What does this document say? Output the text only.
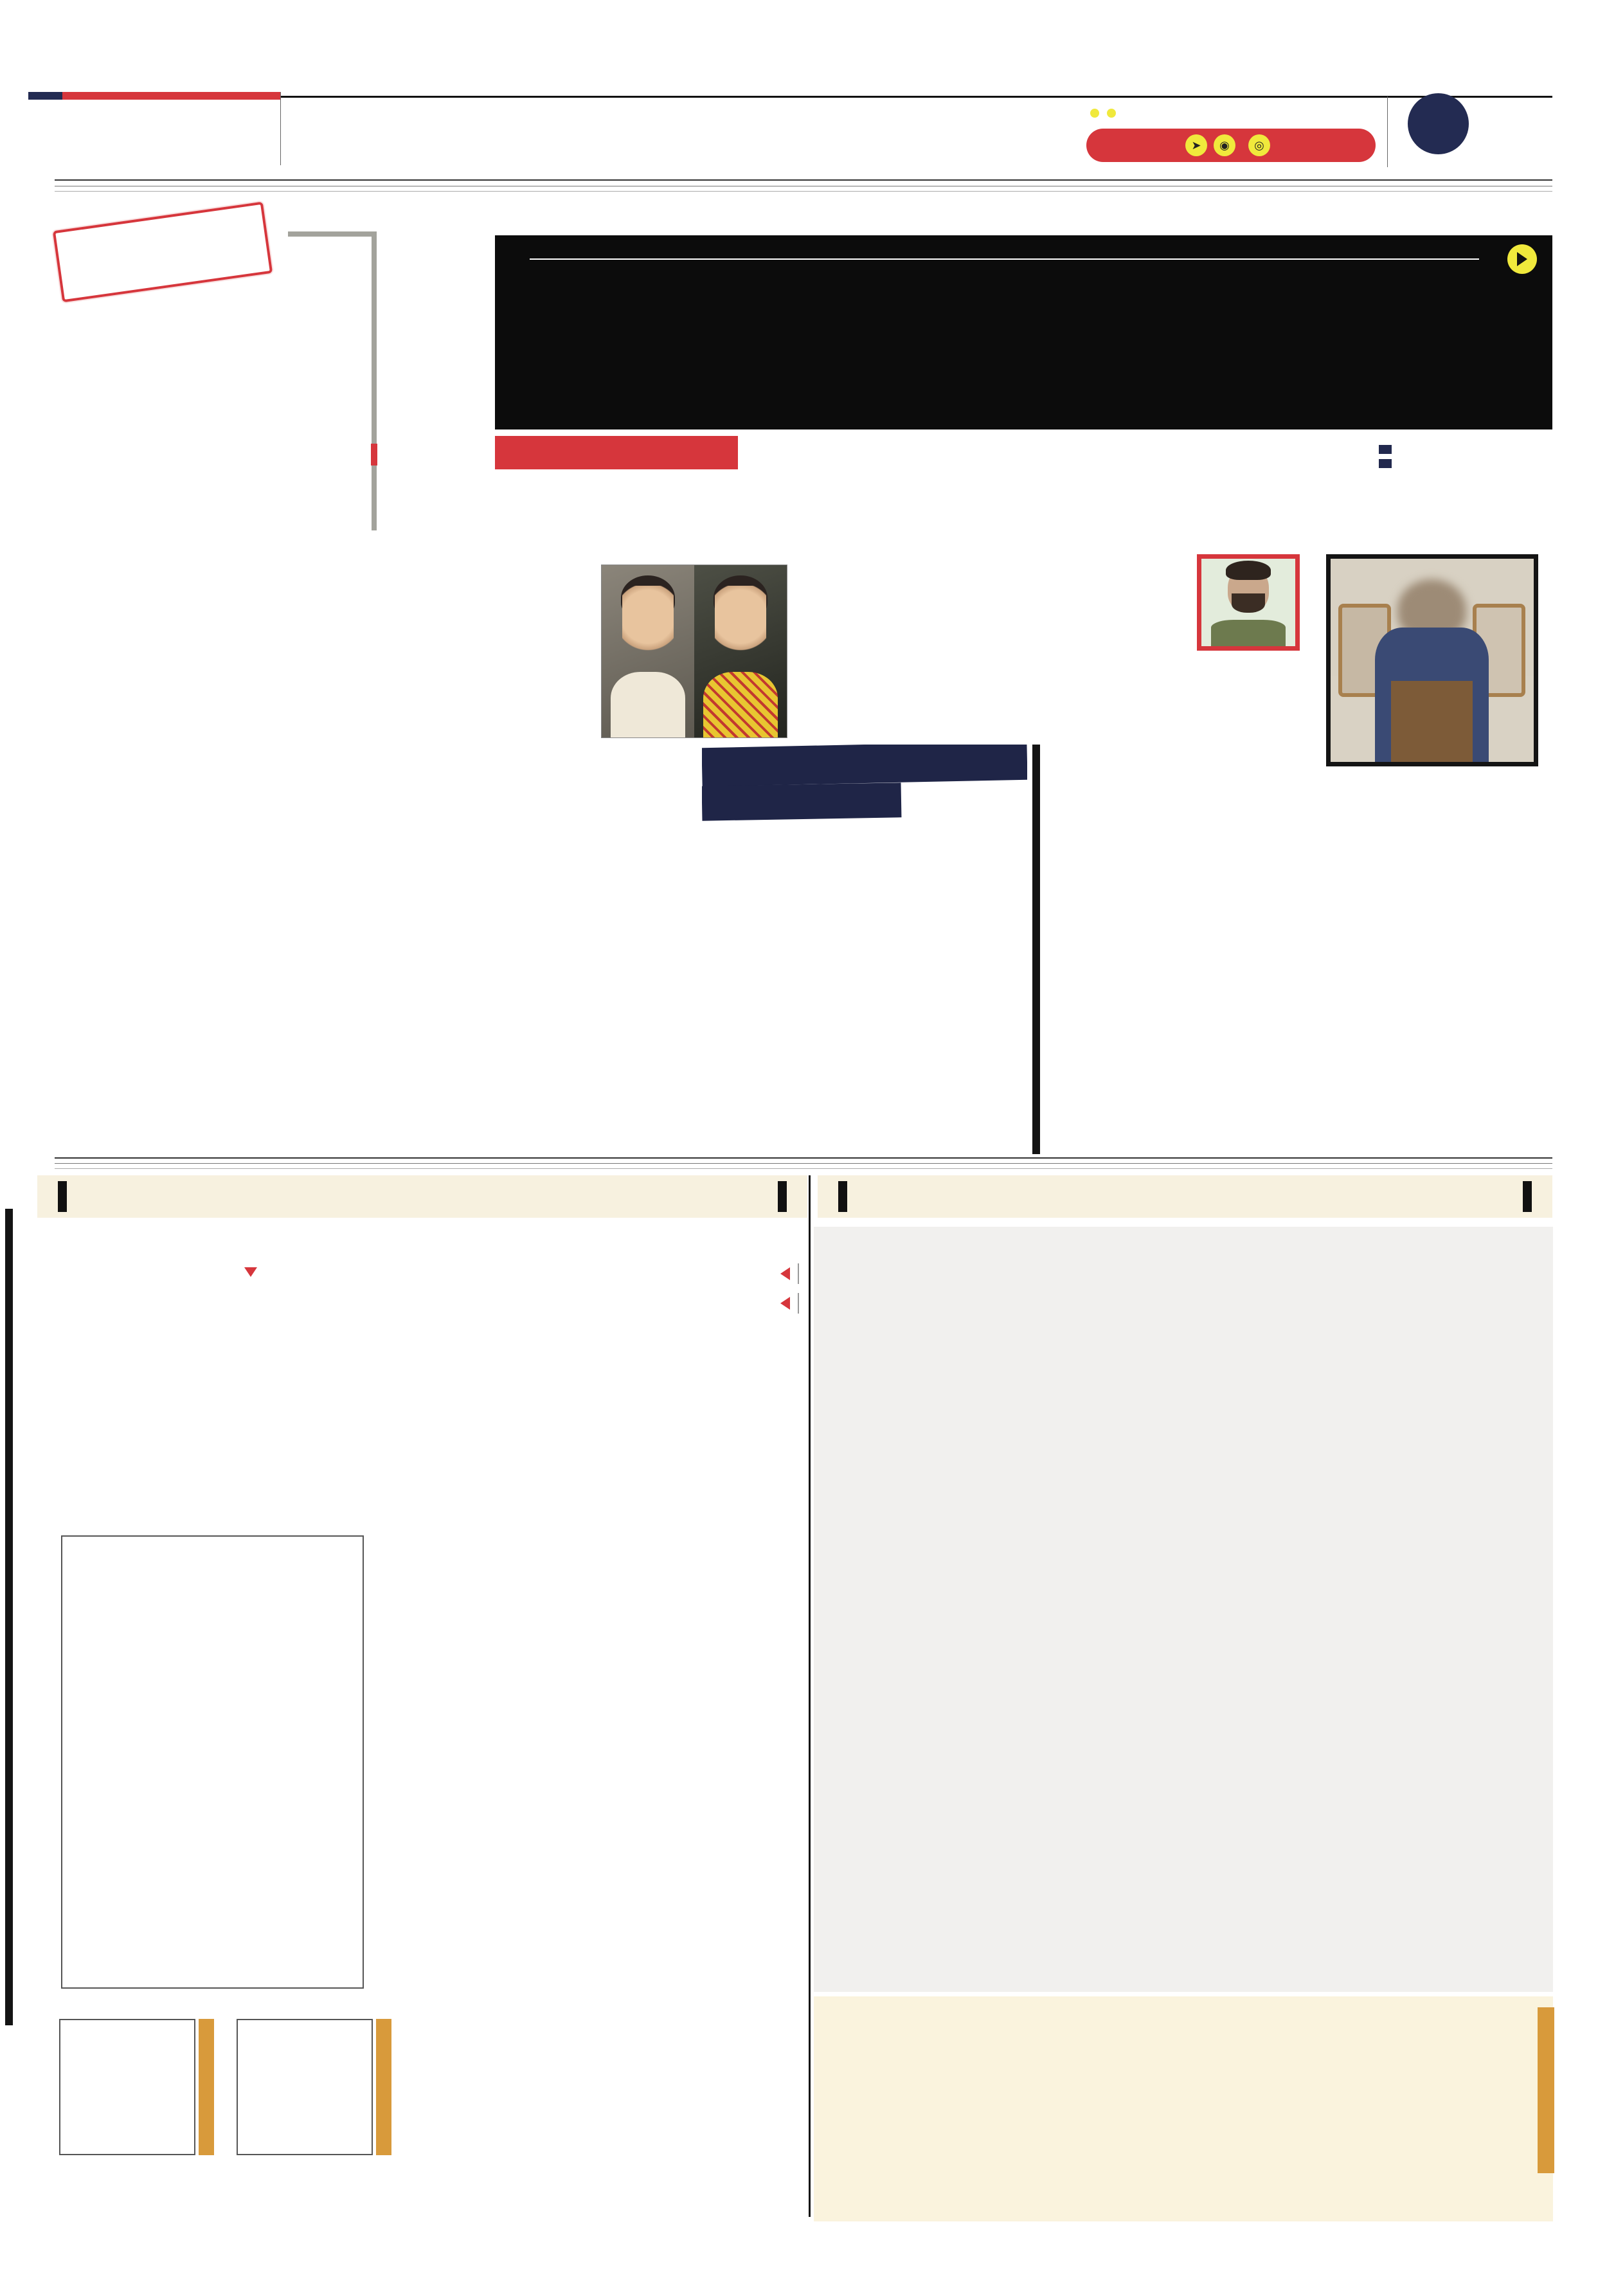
➤	◉	◎
